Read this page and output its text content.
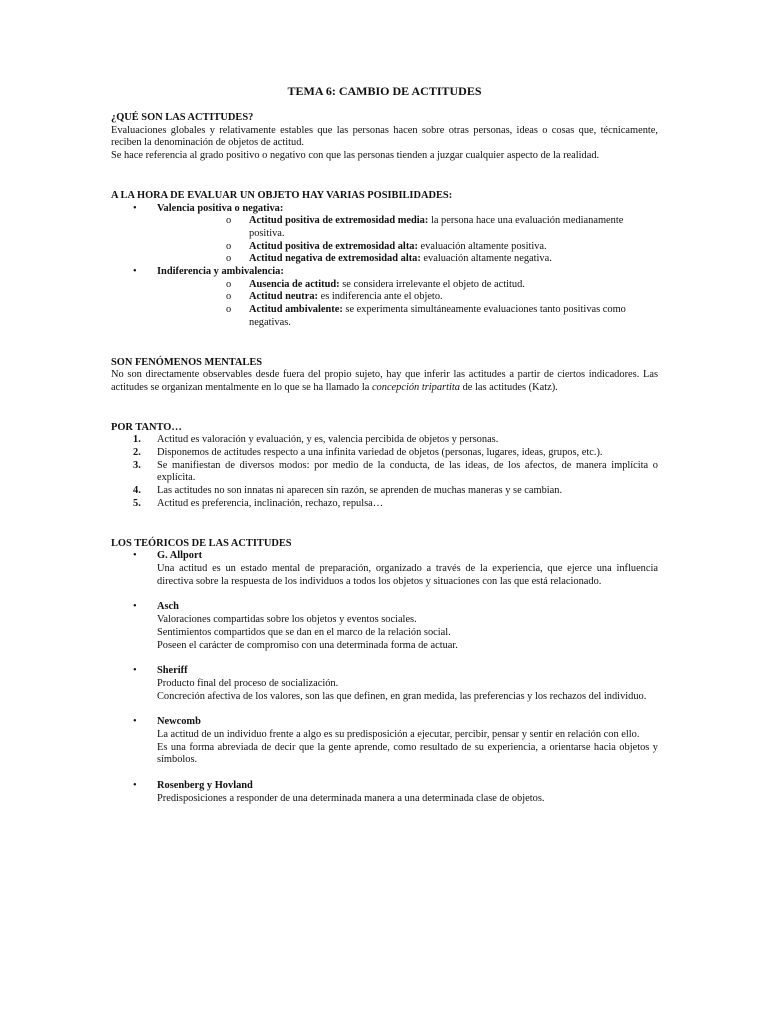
TEMA 6: CAMBIO DE ACTITUDES
¿QUÉ SON LAS ACTITUDES?

Evaluaciones globales y relativamente estables que las personas hacen sobre otras personas, ideas o cosas que, técnicamente, reciben la denominación de objetos de actitud.

Se hace referencia al grado positivo o negativo con que las personas tienden a juzgar cualquier aspecto de la realidad.

A LA HORA DE EVALUAR UN OBJETO HAY VARIAS POSIBILIDADES:
• Valencia positiva o negativa:
o Actitud positiva de extremosidad media: la persona hace una evaluación medianamente positiva.
o Actitud positiva de extremosidad alta: evaluación altamente positiva.
o Actitud negativa de extremosidad alta: evaluación altamente negativa.
• Indiferencia y ambivalencia:
o Ausencia de actitud: se considera irrelevante el objeto de actitud.
o Actitud neutra: es indiferencia ante el objeto.
o Actitud ambivalente: se experimenta simultáneamente evaluaciones tanto positivas como negativas.
SON FENÓMENOS MENTALES

No son directamente observables desde fuera del propio sujeto, hay que inferir las actitudes a partir de ciertos indicadores. Las actitudes se organizan mentalmente en lo que se ha llamado la concepción tripartita de las actitudes (Katz).

POR TANTO…
1. Actitud es valoración y evaluación, y es, valencia percibida de objetos y personas.
2. Disponemos de actitudes respecto a una infinita variedad de objetos (personas, lugares, ideas, grupos, etc.).
3. Se manifiestan de diversos modos: por medio de la conducta, de las ideas, de los afectos, de manera implícita o explícita.
4. Las actitudes no son innatas ni aparecen sin razón, se aprenden de muchas maneras y se cambian.
5. Actitud es preferencia, inclinación, rechazo, repulsa…
LOS TEÓRICOS DE LAS ACTITUDES
• G. Allport

Una actitud es un estado mental de preparación, organizado a través de la experiencia, que ejerce una influencia directiva sobre la respuesta de los individuos a todos los objetos y situaciones con las que está relacionado.

• Asch

Valoraciones compartidas sobre los objetos y eventos sociales.

Sentimientos compartidos que se dan en el marco de la relación social.

Poseen el carácter de compromiso con una determinada forma de actuar.

• Sheriff

Producto final del proceso de socialización.

Concreción afectiva de los valores, son las que definen, en gran medida, las preferencias y los rechazos del individuo.

• Newcomb

La actitud de un individuo frente a algo es su predisposición a ejecutar, percibir, pensar y sentir en relación con ello.

Es una forma abreviada de decir que la gente aprende, como resultado de su experiencia, a orientarse hacia objetos y símbolos.

• Rosenberg y Hovland

Predisposiciones a responder de una determinada manera a una determinada clase de objetos.
